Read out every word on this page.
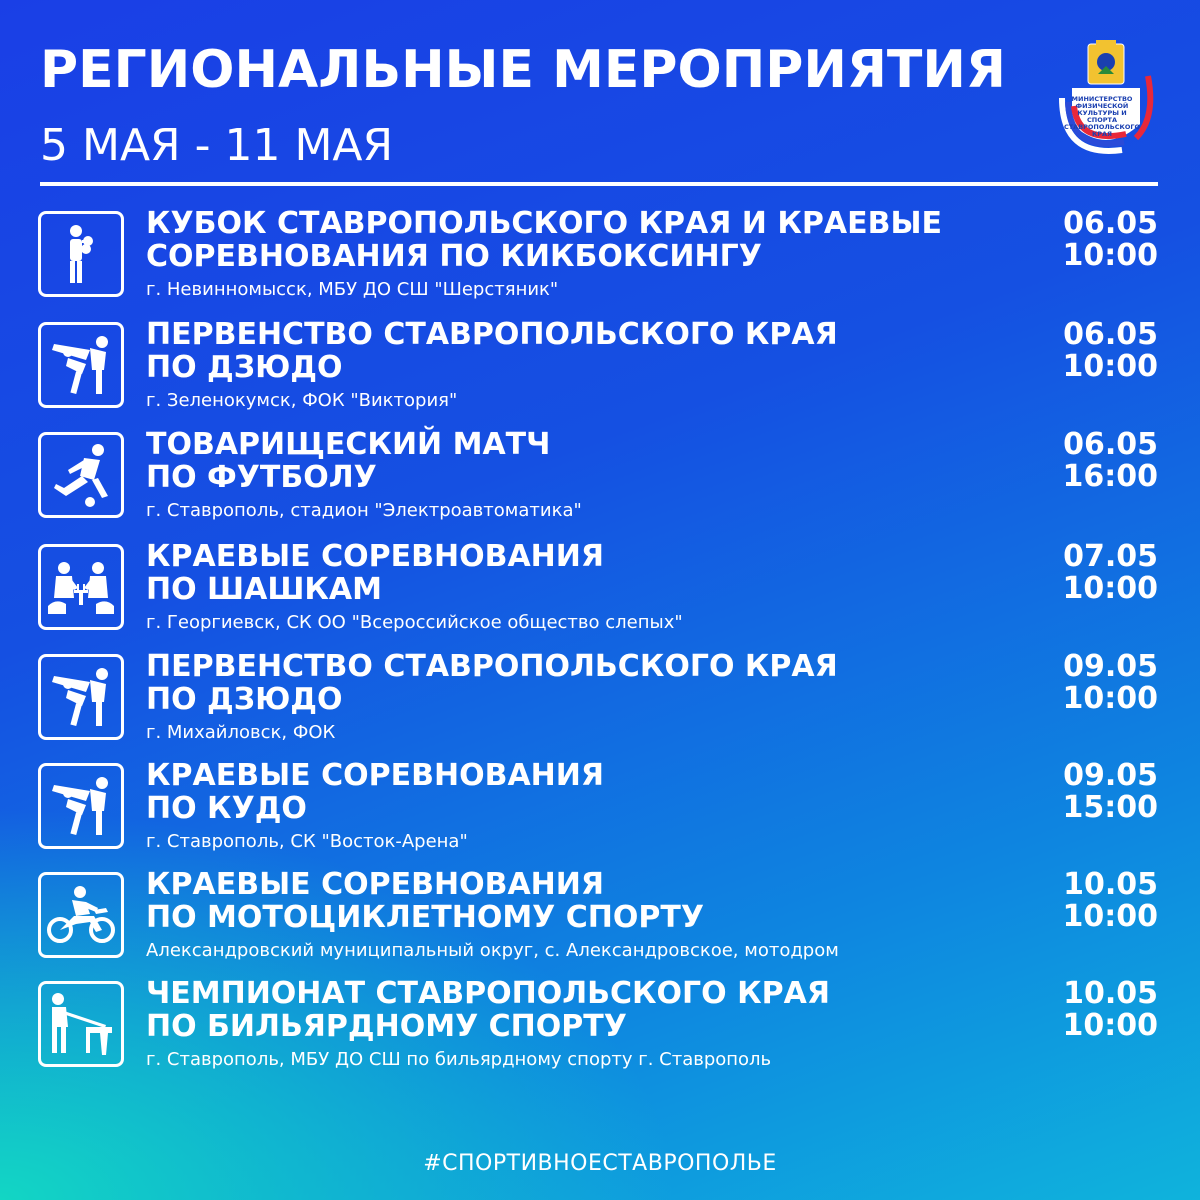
РЕГИОНАЛЬНЫЕ МЕРОПРИЯТИЯ
5 МАЯ - 11 МАЯ
МИНИСТЕРСТВО ФИЗИЧЕСКОЙ КУЛЬТУРЫ И СПОРТА СТАВРОПОЛЬСКОГО КРАЯ
КУБОК СТАВРОПОЛЬСКОГО КРАЯ И КРАЕВЫЕ
СОРЕВНОВАНИЯ ПО КИКБОКСИНГУ
г. Невинномысск, МБУ ДО СШ "Шерстяник"
06.05
10:00
ПЕРВЕНСТВО СТАВРОПОЛЬСКОГО КРАЯ
ПО ДЗЮДО
г. Зеленокумск, ФОК "Виктория"
06.05
10:00
ТОВАРИЩЕСКИЙ МАТЧ
ПО ФУТБОЛУ
г. Ставрополь, стадион "Электроавтоматика"
06.05
16:00
КРАЕВЫЕ СОРЕВНОВАНИЯ
ПО ШАШКАМ
г. Георгиевск, СК ОО "Всероссийское общество слепых"
07.05
10:00
ПЕРВЕНСТВО СТАВРОПОЛЬСКОГО КРАЯ
ПО ДЗЮДО
г. Михайловск, ФОК
09.05
10:00
КРАЕВЫЕ СОРЕВНОВАНИЯ
ПО КУДО
г. Ставрополь, СК "Восток-Арена"
09.05
15:00
КРАЕВЫЕ СОРЕВНОВАНИЯ
ПО МОТОЦИКЛЕТНОМУ СПОРТУ
Александровский муниципальный округ, с. Александровское, мотодром
10.05
10:00
ЧЕМПИОНАТ СТАВРОПОЛЬСКОГО КРАЯ
ПО БИЛЬЯРДНОМУ СПОРТУ
г. Ставрополь, МБУ ДО СШ по бильярдному спорту г. Ставрополь
10.05
10:00
#СПОРТИВНОЕСТАВРОПОЛЬЕ
